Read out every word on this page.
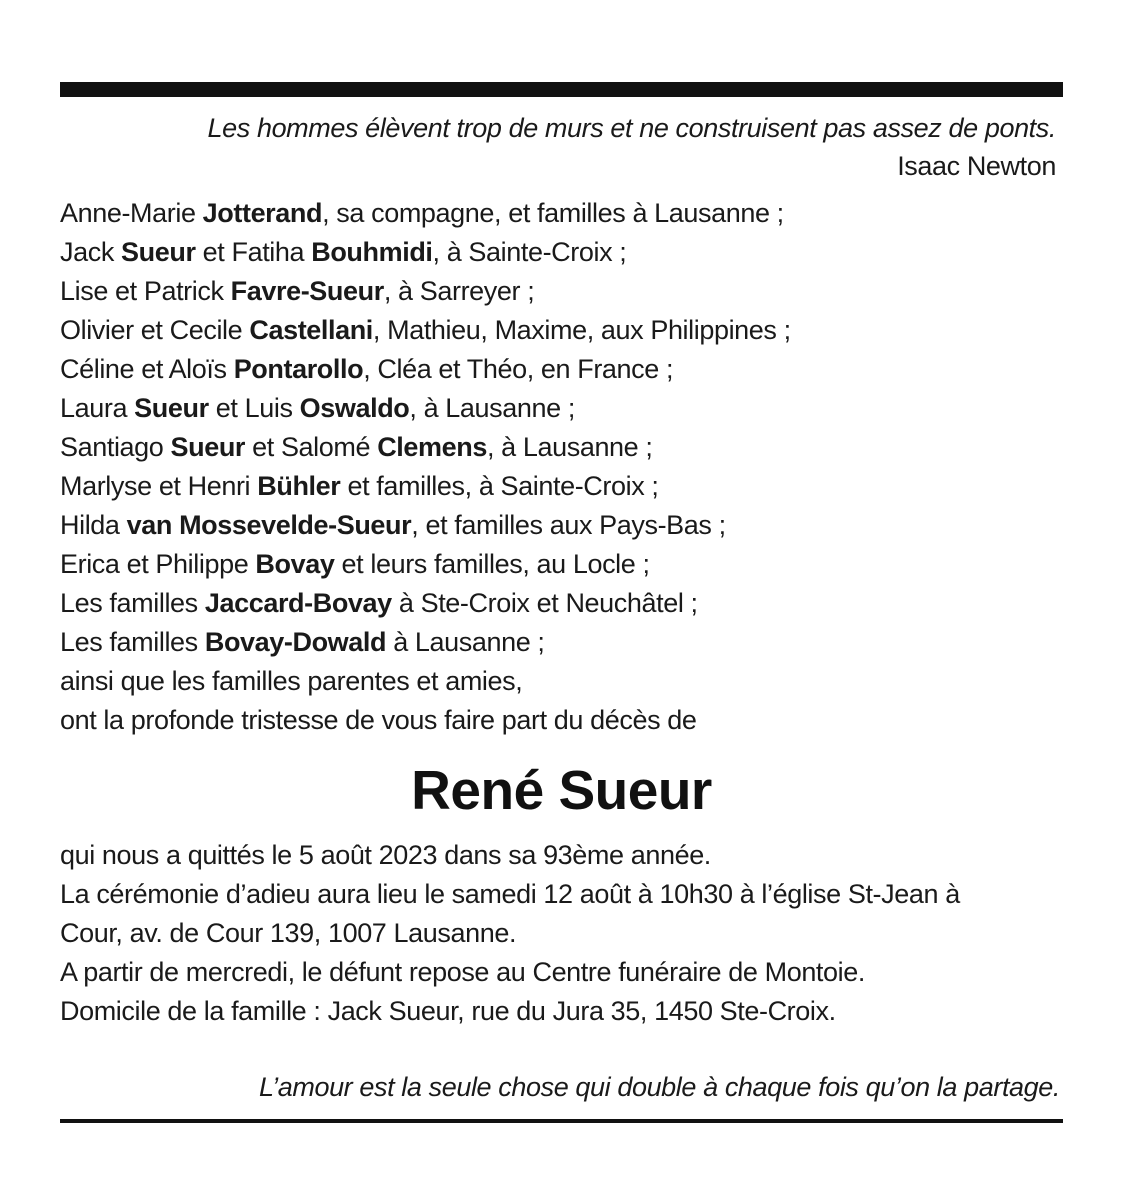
Les hommes élèvent trop de murs et ne construisent pas assez de ponts.
Isaac Newton
Anne-Marie Jotterand, sa compagne, et familles à Lausanne ;
Jack Sueur et Fatiha Bouhmidi, à Sainte-Croix ;
Lise et Patrick Favre-Sueur, à Sarreyer ;
Olivier et Cecile Castellani, Mathieu, Maxime, aux Philippines ;
Céline et Aloïs Pontarollo, Cléa et Théo, en France ;
Laura Sueur et Luis Oswaldo, à Lausanne ;
Santiago Sueur et Salomé Clemens, à Lausanne ;
Marlyse et Henri Bühler et familles, à Sainte-Croix ;
Hilda van Mossevelde-Sueur, et familles aux Pays-Bas ;
Erica et Philippe Bovay et leurs familles, au Locle ;
Les familles Jaccard-Bovay à Ste-Croix et Neuchâtel ;
Les familles Bovay-Dowald à Lausanne ;
ainsi que les familles parentes et amies,
ont la profonde tristesse de vous faire part du décès de
René Sueur
qui nous a quittés le 5 août 2023 dans sa 93ème année.
La cérémonie d’adieu aura lieu le samedi 12 août à 10h30 à l’église St-Jean à
Cour, av. de Cour 139, 1007 Lausanne.
A partir de mercredi, le défunt repose au Centre funéraire de Montoie.
Domicile de la famille : Jack Sueur, rue du Jura 35, 1450 Ste-Croix.
L’amour est la seule chose qui double à chaque fois qu’on la partage.
